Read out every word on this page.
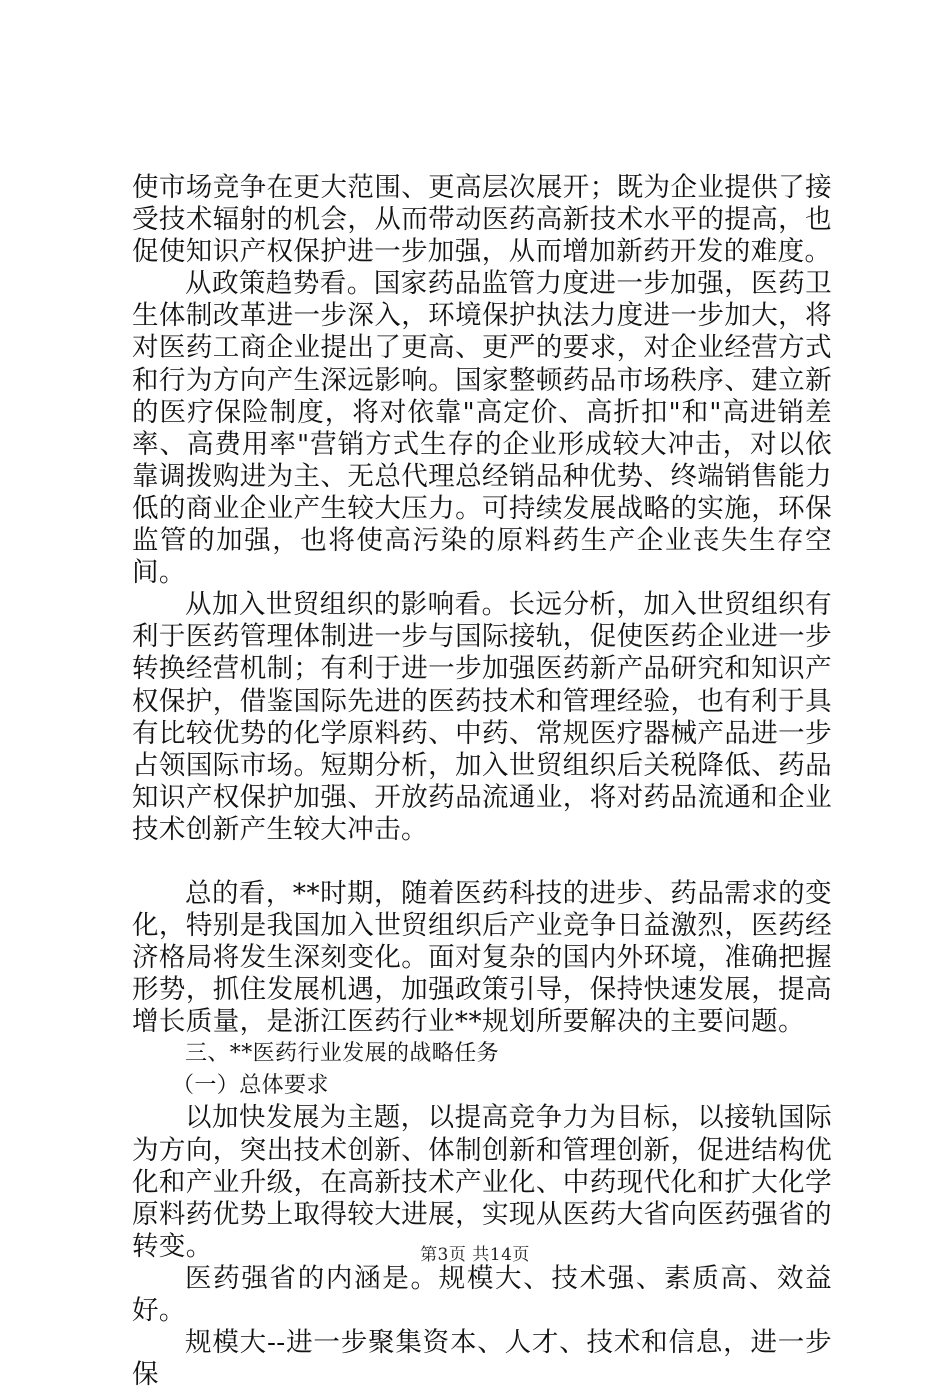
使市场竞争在更大范围、更高层次展开；既为企业提供了接受技术辐射的机会，从而带动医药高新技术水平的提高，也促使知识产权保护进一步加强，从而增加新药开发的难度。

从政策趋势看。国家药品监管力度进一步加强，医药卫生体制改革进一步深入，环境保护执法力度进一步加大，将对医药工商企业提出了更高、更严的要求，对企业经营方式和行为方向产生深远影响。国家整顿药品市场秩序、建立新的医疗保险制度，将对依靠"高定价、高折扣"和"高进销差率、高费用率"营销方式生存的企业形成较大冲击，对以依靠调拨购进为主、无总代理总经销品种优势、终端销售能力低的商业企业产生较大压力。可持续发展战略的实施，环保监管的加强，也将使高污染的原料药生产企业丧失生存空间。

从加入世贸组织的影响看。长远分析，加入世贸组织有利于医药管理体制进一步与国际接轨，促使医药企业进一步转换经营机制；有利于进一步加强医药新产品研究和知识产权保护，借鉴国际先进的医药技术和管理经验，也有利于具有比较优势的化学原料药、中药、常规医疗器械产品进一步占领国际市场。短期分析，加入世贸组织后关税降低、药品知识产权保护加强、开放药品流通业，将对药品流通和企业技术创新产生较大冲击。

总的看，**时期，随着医药科技的进步、药品需求的变化，特别是我国加入世贸组织后产业竞争日益激烈，医药经济格局将发生深刻变化。面对复杂的国内外环境，准确把握形势，抓住发展机遇，加强政策引导，保持快速发展，提高增长质量，是浙江医药行业**规划所要解决的主要问题。

三、**医药行业发展的战略任务

（一）总体要求

以加快发展为主题，以提高竞争力为目标，以接轨国际为方向，突出技术创新、体制创新和管理创新，促进结构优化和产业升级，在高新技术产业化、中药现代化和扩大化学原料药优势上取得较大进展，实现从医药大省向医药强省的转变。

医药强省的内涵是。规模大、技术强、素质高、效益好。

规模大--进一步聚集资本、人才、技术和信息，进一步保

第3页 共14页
